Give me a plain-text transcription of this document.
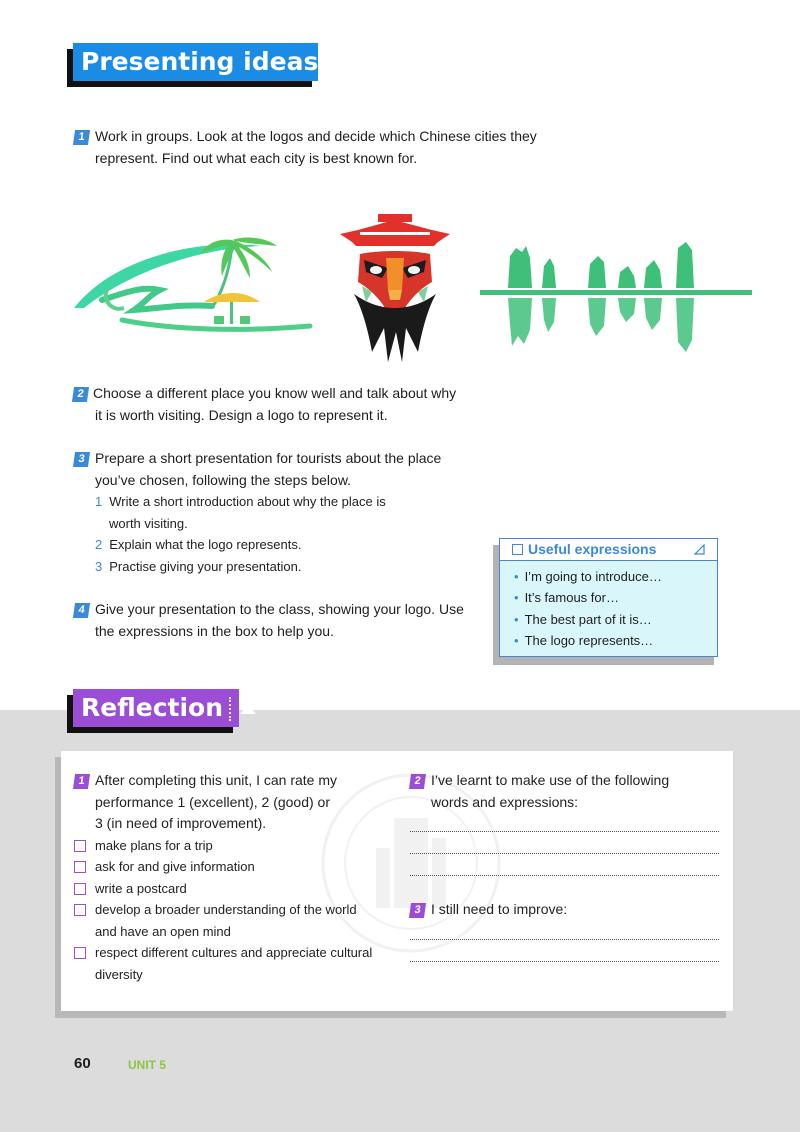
Presenting ideas
1 Work in groups. Look at the logos and decide which Chinese cities they
represent. Find out what each city is best known for.
2 Choose a different place you know well and talk about why
it is worth visiting. Design a logo to represent it.
3 Prepare a short presentation for tourists about the place
you’ve chosen, following the steps below.
1 Write a short introduction about why the place is
worth visiting.
2 Explain what the logo represents.
3 Practise giving your presentation.
4 Give your presentation to the class, showing your logo. Use
the expressions in the box to help you.
Useful expressions
• I’m going to introduce…
• It’s famous for…
• The best part of it is…
• The logo represents…
Reflection
1 After completing this unit, I can rate my
performance 1 (excellent), 2 (good) or
3 (in need of improvement).
make plans for a trip
ask for and give information
write a postcard
develop a broader understanding of the world
and have an open mind
respect different cultures and appreciate cultural
diversity
2 I’ve learnt to make use of the following
words and expressions:
3 I still need to improve:
60	UNIT 5
